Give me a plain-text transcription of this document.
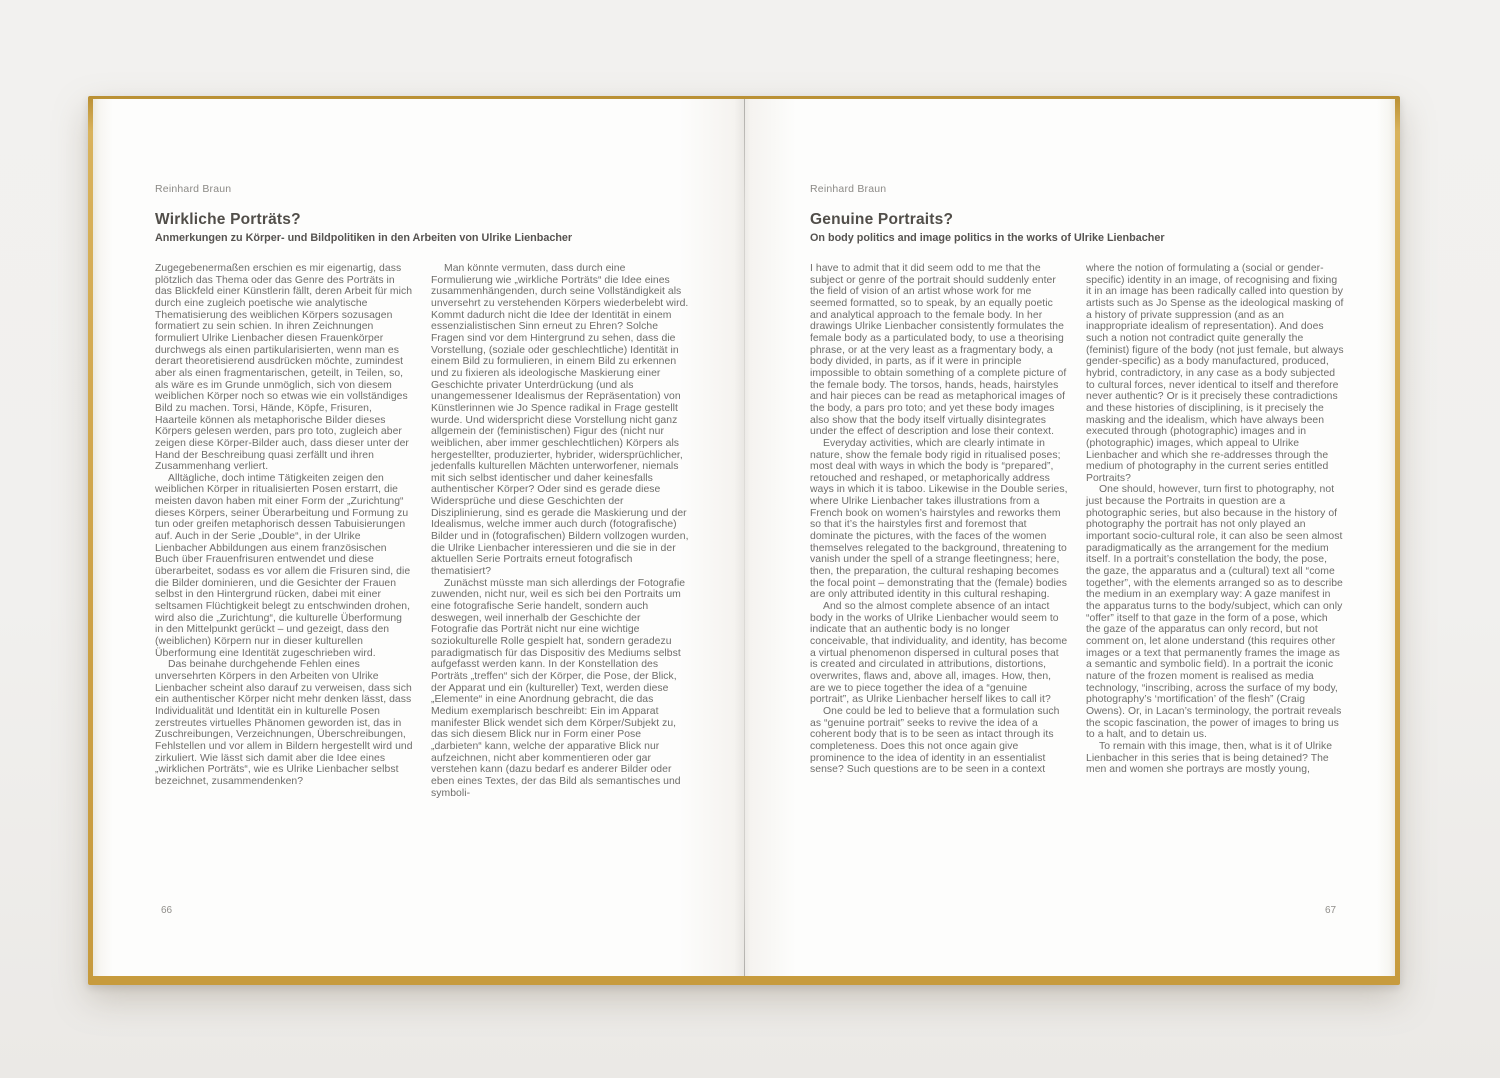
Reinhard Braun

Wirkliche Porträts?

Anmerkungen zu Körper- und Bildpolitiken in den Arbeiten von Ulrike Lienbacher

Zugegebenermaßen erschien es mir eigenartig, dass plötzlich das Thema oder das Genre des Porträts in das Blickfeld einer Künstlerin fällt, deren Arbeit für mich durch eine zugleich poetische wie analytische Thematisierung des weiblichen Körpers sozusagen formatiert zu sein schien. In ihren Zeichnungen formuliert Ulrike Lienbacher diesen Frauenkörper durchwegs als einen partikularisierten, wenn man es derart theoretisierend ausdrücken möchte, zumindest aber als einen fragmentarischen, geteilt, in Teilen, so, als wäre es im Grunde unmöglich, sich von diesem weiblichen Körper noch so etwas wie ein vollständiges Bild zu machen. Torsi, Hände, Köpfe, Frisuren, Haarteile können als metaphorische Bilder dieses Körpers gelesen werden, pars pro toto, zugleich aber zeigen diese Körper-Bilder auch, dass dieser unter der Hand der Beschreibung quasi zerfällt und ihren Zusammenhang verliert.

Alltägliche, doch intime Tätigkeiten zeigen den weiblichen Körper in ritualisierten Posen erstarrt, die meisten davon haben mit einer Form der „Zurichtung“ dieses Körpers, seiner Überarbeitung und Formung zu tun oder greifen metaphorisch dessen Tabuisierungen auf. Auch in der Serie „Double“, in der Ulrike Lienbacher Abbildungen aus einem französischen Buch über Frauenfrisuren entwendet und diese überarbeitet, sodass es vor allem die Frisuren sind, die die Bilder dominieren, und die Gesichter der Frauen selbst in den Hintergrund rücken, dabei mit einer seltsamen Flüchtigkeit belegt zu entschwinden drohen, wird also die „Zurichtung“, die kulturelle Überformung in den Mittelpunkt gerückt – und gezeigt, dass den (weiblichen) Körpern nur in dieser kulturellen Überformung eine Identität zugeschrieben wird.

Das beinahe durchgehende Fehlen eines unversehrten Körpers in den Arbeiten von Ulrike Lienbacher scheint also darauf zu verweisen, dass sich ein authentischer Körper nicht mehr denken lässt, dass Individualität und Identität ein in kulturelle Posen zerstreutes virtuelles Phänomen geworden ist, das in Zuschreibungen, Verzeichnungen, Überschreibungen, Fehlstellen und vor allem in Bildern hergestellt wird und zirkuliert. Wie lässt sich damit aber die Idee eines „wirklichen Porträts“, wie es Ulrike Lienbacher selbst bezeichnet, zusammendenken?

Man könnte vermuten, dass durch eine Formulierung wie „wirkliche Porträts“ die Idee eines zusammenhängenden, durch seine Vollständigkeit als unversehrt zu verstehenden Körpers wiederbelebt wird. Kommt dadurch nicht die Idee der Identität in einem essenzialistischen Sinn erneut zu Ehren? Solche Fragen sind vor dem Hintergrund zu sehen, dass die Vorstellung, (soziale oder geschlechtliche) Identität in einem Bild zu formulieren, in einem Bild zu erkennen und zu fixieren als ideologische Maskierung einer Geschichte privater Unterdrückung (und als unangemessener Idealismus der Repräsentation) von Künstlerinnen wie Jo Spence radikal in Frage gestellt wurde. Und widerspricht diese Vorstellung nicht ganz allgemein der (feministischen) Figur des (nicht nur weiblichen, aber immer geschlechtlichen) Körpers als hergestellter, produzierter, hybrider, widersprüchlicher, jedenfalls kulturellen Mächten unterworfener, niemals mit sich selbst identischer und daher keinesfalls authentischer Körper? Oder sind es gerade diese Widersprüche und diese Geschichten der Disziplinierung, sind es gerade die Maskierung und der Idealismus, welche immer auch durch (fotografische) Bilder und in (fotografischen) Bildern vollzogen wurden, die Ulrike Lienbacher interessieren und die sie in der aktuellen Serie Portraits erneut fotografisch thematisiert?

Zunächst müsste man sich allerdings der Fotografie zuwenden, nicht nur, weil es sich bei den Portraits um eine fotografische Serie handelt, sondern auch deswegen, weil innerhalb der Geschichte der Fotografie das Porträt nicht nur eine wichtige soziokulturelle Rolle gespielt hat, sondern geradezu paradigmatisch für das Dispositiv des Mediums selbst aufgefasst werden kann. In der Konstellation des Porträts „treffen“ sich der Körper, die Pose, der Blick, der Apparat und ein (kultureller) Text, werden diese „Elemente“ in eine Anordnung gebracht, die das Medium exemplarisch beschreibt: Ein im Apparat manifester Blick wendet sich dem Körper/Subjekt zu, das sich diesem Blick nur in Form einer Pose „darbieten“ kann, welche der apparative Blick nur aufzeichnen, nicht aber kommentieren oder gar verstehen kann (dazu bedarf es anderer Bilder oder eben eines Textes, der das Bild als semantisches und symboli-

66

Reinhard Braun

Genuine Portraits?

On body politics and image politics in the works of Ulrike Lienbacher

I have to admit that it did seem odd to me that the subject or genre of the portrait should suddenly enter the field of vision of an artist whose work for me seemed formatted, so to speak, by an equally poetic and analytical approach to the female body. In her drawings Ulrike Lienbacher consistently formulates the female body as a particulated body, to use a theorising phrase, or at the very least as a fragmentary body, a body divided, in parts, as if it were in principle impossible to obtain something of a complete picture of the female body. The torsos, hands, heads, hairstyles and hair pieces can be read as metaphorical images of the body, a pars pro toto; and yet these body images also show that the body itself virtually disintegrates under the effect of description and lose their context.

Everyday activities, which are clearly intimate in nature, show the female body rigid in ritualised poses; most deal with ways in which the body is “prepared”, retouched and reshaped, or metaphorically address ways in which it is taboo. Likewise in the Double series, where Ulrike Lienbacher takes illustrations from a French book on women’s hairstyles and reworks them so that it’s the hairstyles first and foremost that dominate the pictures, with the faces of the women themselves relegated to the background, threatening to vanish under the spell of a strange fleetingness; here, then, the preparation, the cultural reshaping becomes the focal point – demonstrating that the (female) bodies are only attributed identity in this cultural reshaping.

And so the almost complete absence of an intact body in the works of Ulrike Lienbacher would seem to indicate that an authentic body is no longer conceivable, that individuality, and identity, has become a virtual phenomenon dispersed in cultural poses that is created and circulated in attributions, distortions, overwrites, flaws and, above all, images. How, then, are we to piece together the idea of a “genuine portrait”, as Ulrike Lienbacher herself likes to call it?

One could be led to believe that a formulation such as “genuine portrait” seeks to revive the idea of a coherent body that is to be seen as intact through its completeness. Does this not once again give prominence to the idea of identity in an essentialist sense? Such questions are to be seen in a context

where the notion of formulating a (social or gender-specific) identity in an image, of recognising and fixing it in an image has been radically called into question by artists such as Jo Spense as the ideological masking of a history of private suppression (and as an inappropriate idealism of representation). And does such a notion not contradict quite generally the (feminist) figure of the body (not just female, but always gender-specific) as a body manufactured, produced, hybrid, contradictory, in any case as a body subjected to cultural forces, never identical to itself and therefore never authentic? Or is it precisely these contradictions and these histories of disciplining, is it precisely the masking and the idealism, which have always been executed through (photographic) images and in (photographic) images, which appeal to Ulrike Lienbacher and which she re-addresses through the medium of photography in the current series entitled Portraits?

One should, however, turn first to photography, not just because the Portraits in question are a photographic series, but also because in the history of photography the portrait has not only played an important socio-cultural role, it can also be seen almost paradigmatically as the arrangement for the medium itself. In a portrait’s constellation the body, the pose, the gaze, the apparatus and a (cultural) text all “come together”, with the elements arranged so as to describe the medium in an exemplary way: A gaze manifest in the apparatus turns to the body/subject, which can only “offer” itself to that gaze in the form of a pose, which the gaze of the apparatus can only record, but not comment on, let alone understand (this requires other images or a text that permanently frames the image as a semantic and symbolic field). In a portrait the iconic nature of the frozen moment is realised as media technology, “inscribing, across the surface of my body, photography’s ‘mortification’ of the flesh” (Craig Owens). Or, in Lacan’s terminology, the portrait reveals the scopic fascination, the power of images to bring us to a halt, and to detain us.

To remain with this image, then, what is it of Ulrike Lienbacher in this series that is being detained? The men and women she portrays are mostly young,

67
